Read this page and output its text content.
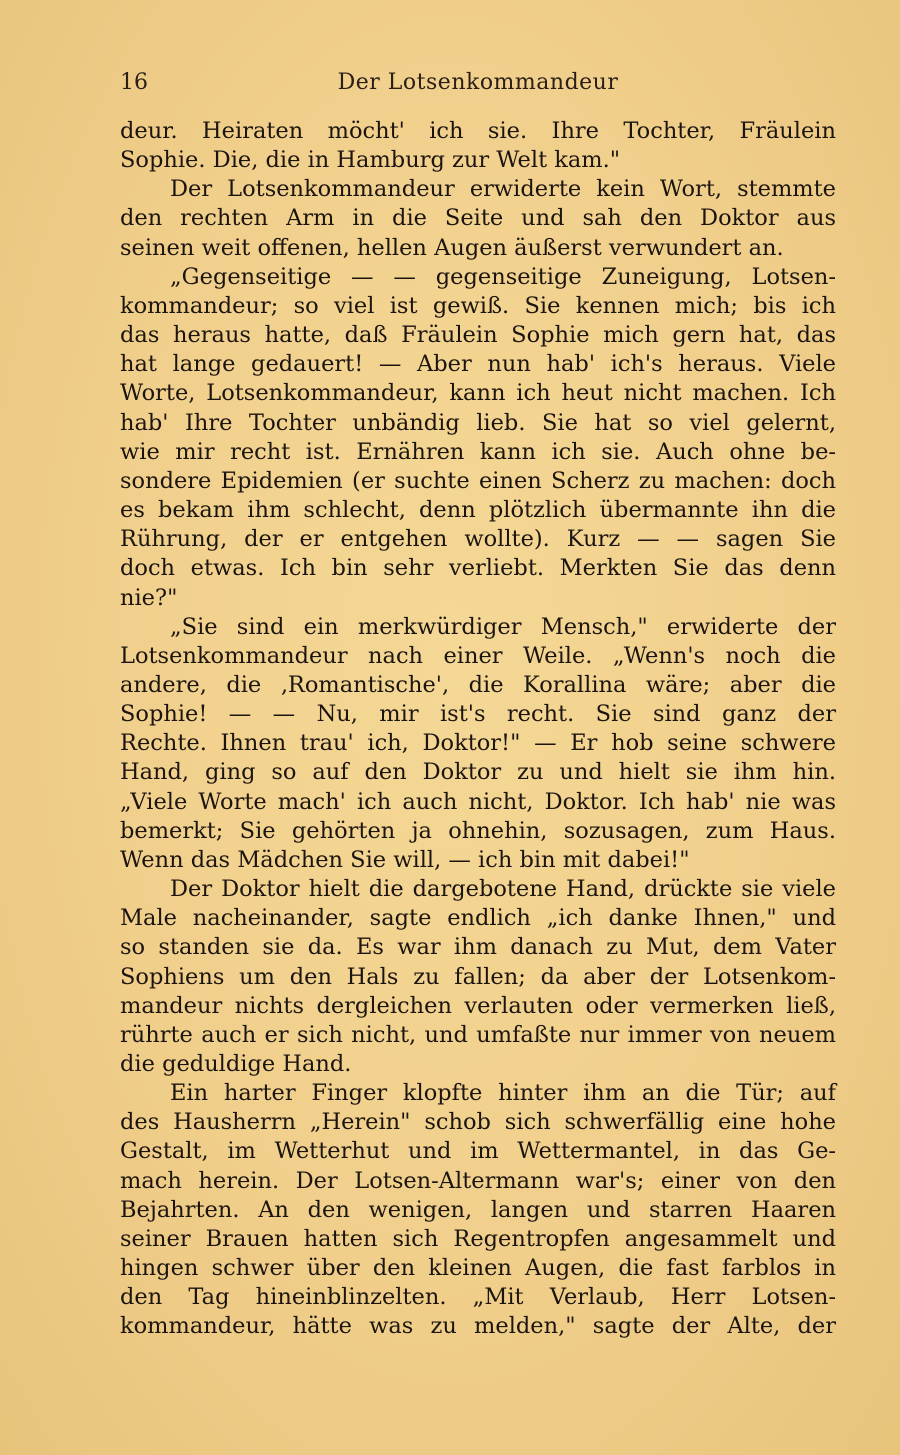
16	Der Lotsenkommandeur
deur. Heiraten möcht' ich sie. Ihre Tochter, Fräulein
Sophie. Die, die in Hamburg zur Welt kam."
Der Lotsenkommandeur erwiderte kein Wort, stemmte
den rechten Arm in die Seite und sah den Doktor aus
seinen weit offenen, hellen Augen äußerst verwundert an.
„Gegenseitige — — gegenseitige Zuneigung, Lotsen-
kommandeur; so viel ist gewiß. Sie kennen mich; bis ich
das heraus hatte, daß Fräulein Sophie mich gern hat, das
hat lange gedauert! — Aber nun hab' ich's heraus. Viele
Worte, Lotsenkommandeur, kann ich heut nicht machen. Ich
hab' Ihre Tochter unbändig lieb. Sie hat so viel gelernt,
wie mir recht ist. Ernähren kann ich sie. Auch ohne be-
sondere Epidemien (er suchte einen Scherz zu machen: doch
es bekam ihm schlecht, denn plötzlich übermannte ihn die
Rührung, der er entgehen wollte). Kurz — — sagen Sie
doch etwas. Ich bin sehr verliebt. Merkten Sie das denn
nie?"
„Sie sind ein merkwürdiger Mensch," erwiderte der
Lotsenkommandeur nach einer Weile. „Wenn's noch die
andere, die ‚Romantische', die Korallina wäre; aber die
Sophie! — — Nu, mir ist's recht. Sie sind ganz der
Rechte. Ihnen trau' ich, Doktor!" — Er hob seine schwere
Hand, ging so auf den Doktor zu und hielt sie ihm hin.
„Viele Worte mach' ich auch nicht, Doktor. Ich hab' nie was
bemerkt; Sie gehörten ja ohnehin, sozusagen, zum Haus.
Wenn das Mädchen Sie will, — ich bin mit dabei!"
Der Doktor hielt die dargebotene Hand, drückte sie viele
Male nacheinander, sagte endlich „ich danke Ihnen," und
so standen sie da. Es war ihm danach zu Mut, dem Vater
Sophiens um den Hals zu fallen; da aber der Lotsenkom-
mandeur nichts dergleichen verlauten oder vermerken ließ,
rührte auch er sich nicht, und umfaßte nur immer von neuem
die geduldige Hand.
Ein harter Finger klopfte hinter ihm an die Tür; auf
des Hausherrn „Herein" schob sich schwerfällig eine hohe
Gestalt, im Wetterhut und im Wettermantel, in das Ge-
mach herein. Der Lotsen-Altermann war's; einer von den
Bejahrten. An den wenigen, langen und starren Haaren
seiner Brauen hatten sich Regentropfen angesammelt und
hingen schwer über den kleinen Augen, die fast farblos in
den Tag hineinblinzelten. „Mit Verlaub, Herr Lotsen-
kommandeur, hätte was zu melden," sagte der Alte, der
